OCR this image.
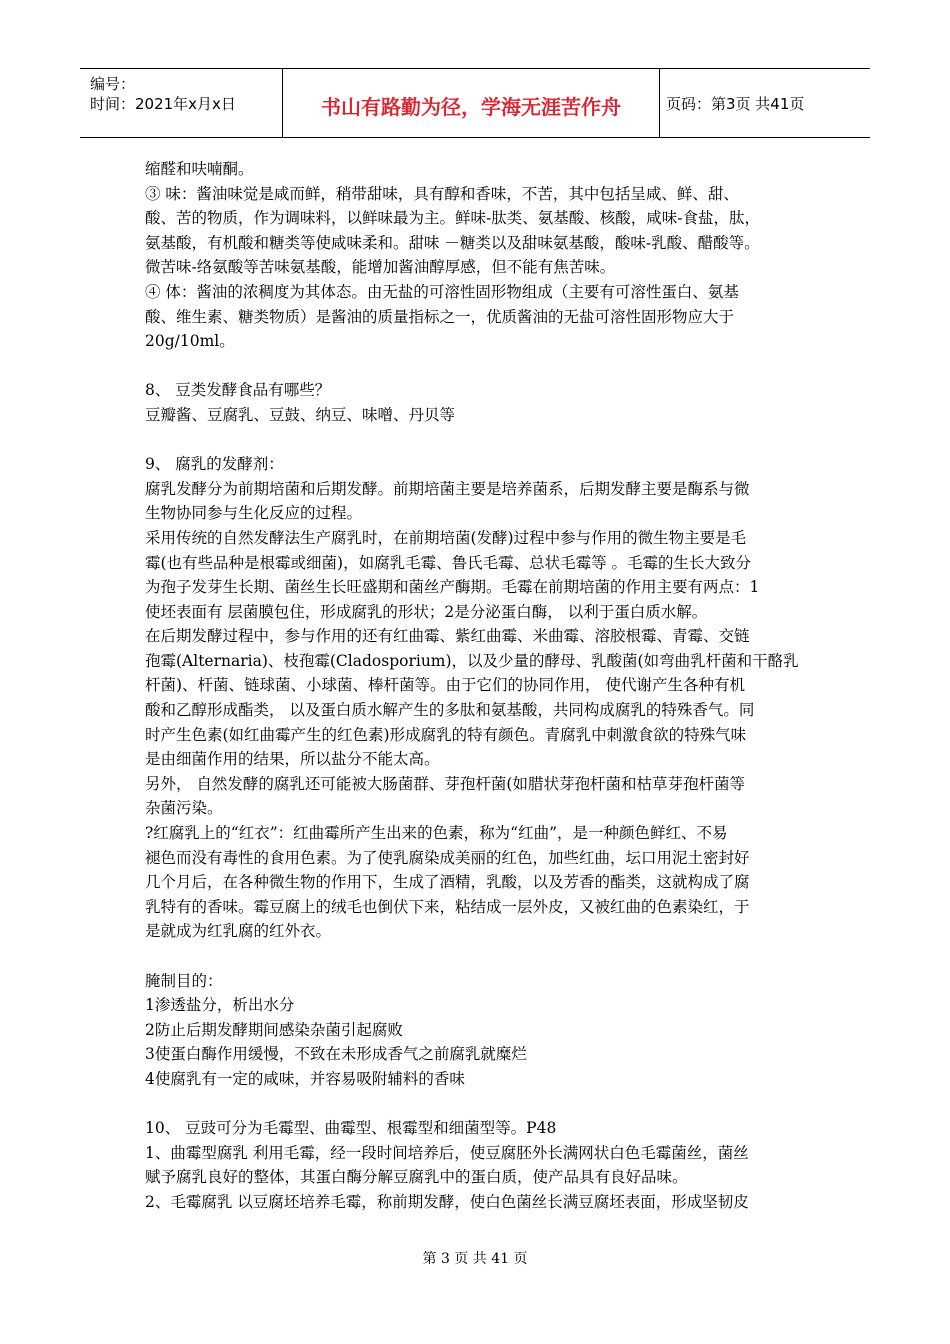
编号：
时间：2021年x月x日	书山有路勤为径，学海无涯苦作舟	页码：第3页 共41页

缩醛和呋喃酮。

③ 味：酱油味觉是咸而鲜，稍带甜味，具有醇和香味，不苦，其中包括呈咸、鲜、甜、

酸、苦的物质，作为调味料，以鲜味最为主。鲜味-肽类、氨基酸、核酸，咸味-食盐，肽，

氨基酸，有机酸和糖类等使咸味柔和。甜味 －糖类以及甜味氨基酸，酸味-乳酸、醋酸等。

微苦味-络氨酸等苦味氨基酸，能增加酱油醇厚感，但不能有焦苦味。

④ 体：酱油的浓稠度为其体态。由无盐的可溶性固形物组成（主要有可溶性蛋白、氨基

酸、维生素、糖类物质）是酱油的质量指标之一，优质酱油的无盐可溶性固形物应大于

20g/10ml。

8、 豆类发酵食品有哪些？

豆瓣酱、豆腐乳、豆鼓、纳豆、味噌、丹贝等

9、 腐乳的发酵剂：

腐乳发酵分为前期培菌和后期发酵。前期培菌主要是培养菌系，后期发酵主要是酶系与微

生物协同参与生化反应的过程。

采用传统的自然发酵法生产腐乳时，在前期培菌(发酵)过程中参与作用的微生物主要是毛

霉(也有些品种是根霉或细菌)，如腐乳毛霉、鲁氏毛霉、总状毛霉等 。毛霉的生长大致分

为孢子发芽生长期、菌丝生长旺盛期和菌丝产酶期。毛霉在前期培菌的作用主要有两点：1

使坯表面有 层菌膜包住，形成腐乳的形状；2是分泌蛋白酶， 以利于蛋白质水解。

在后期发酵过程中，参与作用的还有红曲霉、紫红曲霉、米曲霉、溶胶根霉、青霉、交链

孢霉(Alternaria)、枝孢霉(Cladosporium)，以及少量的酵母、乳酸菌(如弯曲乳杆菌和干酪乳

杆菌)、杆菌、链球菌、小球菌、棒杆菌等。由于它们的协同作用， 使代谢产生各种有机

酸和乙醇形成酯类， 以及蛋白质水解产生的多肽和氨基酸，共同构成腐乳的特殊香气。同

时产生色素(如红曲霉产生的红色素)形成腐乳的特有颜色。青腐乳中刺激食欲的特殊气味

是由细菌作用的结果，所以盐分不能太高。

另外， 自然发酵的腐乳还可能被大肠菌群、芽孢杆菌(如腊状芽孢杆菌和枯草芽孢杆菌等

杂菌污染。

?红腐乳上的“红衣”：红曲霉所产生出来的色素，称为“红曲”，是一种颜色鲜红、不易

褪色而没有毒性的食用色素。为了使乳腐染成美丽的红色，加些红曲，坛口用泥土密封好

几个月后，在各种微生物的作用下，生成了酒精，乳酸，以及芳香的酯类，这就构成了腐

乳特有的香味。霉豆腐上的绒毛也倒伏下来，粘结成一层外皮，又被红曲的色素染红，于

是就成为红乳腐的红外衣。

腌制目的：

1渗透盐分，析出水分

2防止后期发酵期间感染杂菌引起腐败

3使蛋白酶作用缓慢，不致在未形成香气之前腐乳就糜烂

4使腐乳有一定的咸味，并容易吸附辅料的香味

10、 豆豉可分为毛霉型、曲霉型、根霉型和细菌型等。P48

1、曲霉型腐乳 利用毛霉，经一段时间培养后，使豆腐胚外长满网状白色毛霉菌丝，菌丝

赋予腐乳良好的整体，其蛋白酶分解豆腐乳中的蛋白质，使产品具有良好品味。

2、毛霉腐乳 以豆腐坯培养毛霉，称前期发酵，使白色菌丝长满豆腐坯表面，形成坚韧皮

第 3 页 共 41 页
